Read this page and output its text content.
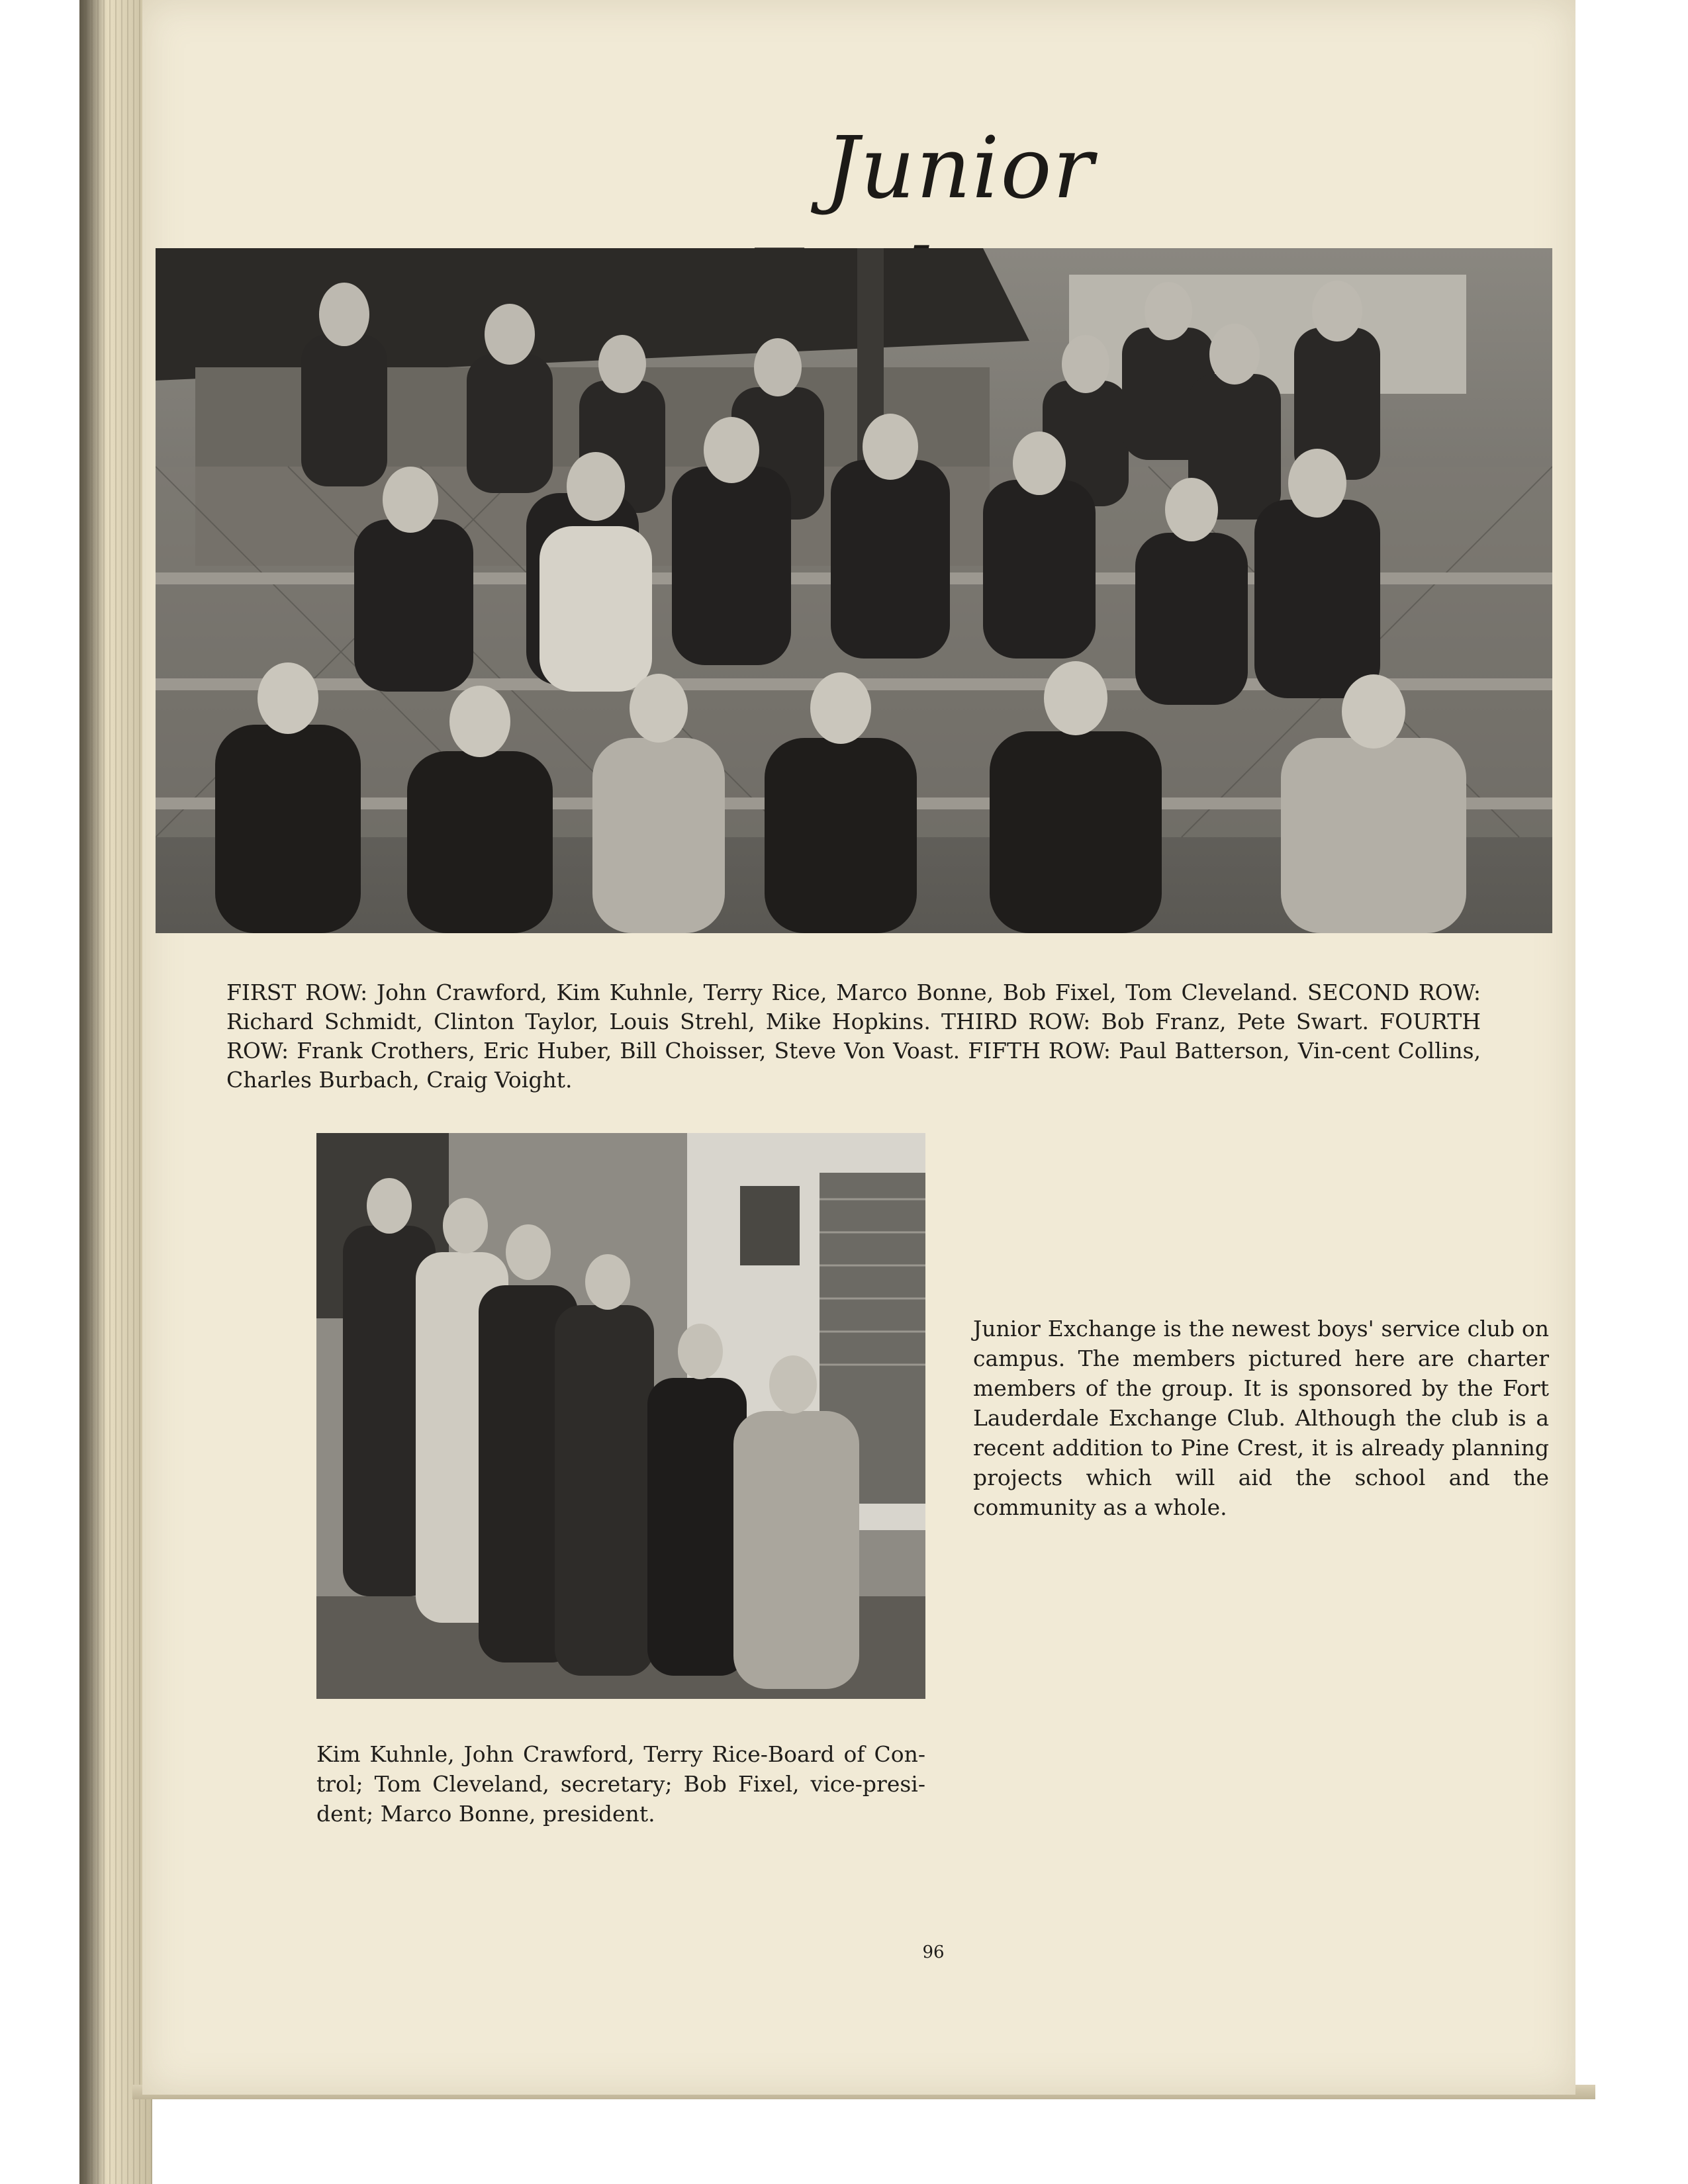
Junior

FIRST ROW: John Crawford, Kim Kuhnle, Terry Rice, Marco Bonne, Bob Fixel, Tom Cleveland. SECOND ROW: Richard Schmidt, Clinton Taylor, Louis Strehl, Mike Hopkins. THIRD ROW: Bob Franz, Pete Swart. FOURTH ROW: Frank Crothers, Eric Huber, Bill Choisser, Steve Von Voast. FIFTH ROW: Paul Batterson, Vin-cent Collins, Charles Burbach, Craig Voight.

Junior Exchange is the newest boys' service club on campus. The members pictured here are charter members of the group. It is sponsored by the Fort Lauderdale Exchange Club. Although the club is a recent addition to Pine Crest, it is already planning projects which will aid the school and the community as a whole.

Kim Kuhnle, John Crawford, Terry Rice-Board of Con-trol; Tom Cleveland, secretary; Bob Fixel, vice-presi-dent; Marco Bonne, president.

96
